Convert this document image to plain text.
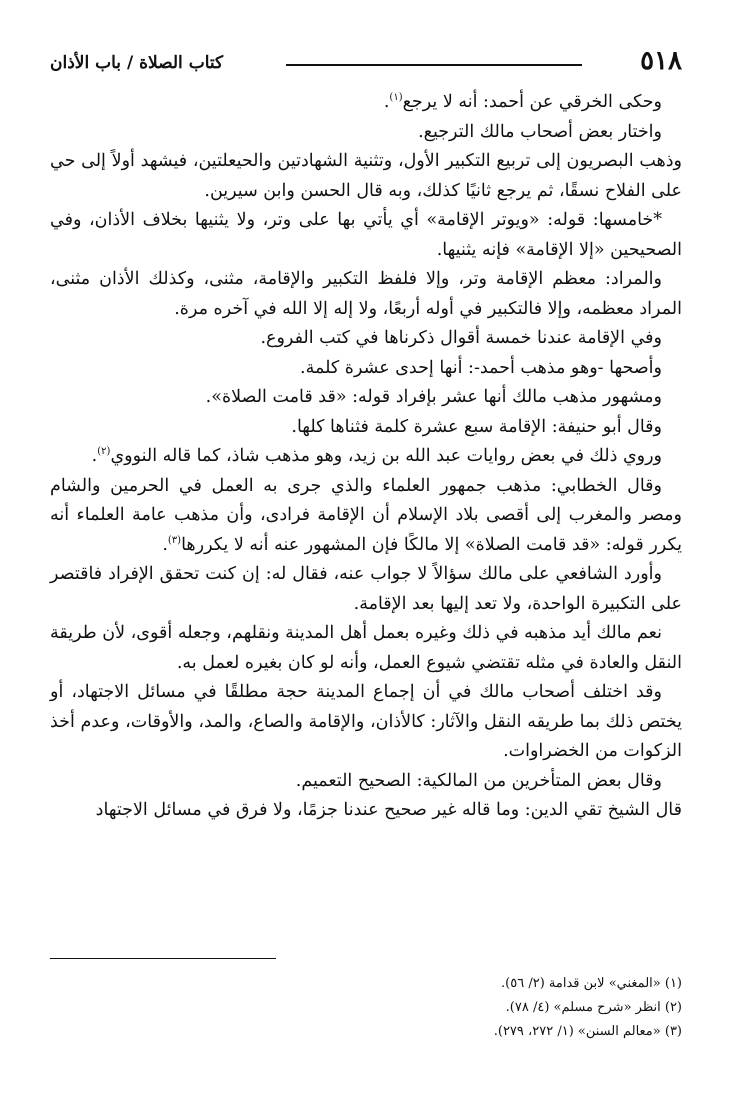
٥١٨
كتاب الصلاة / باب الأذان

وحكى الخرقي عن أحمد: أنه لا يرجع$^{(١)}$.

واختار بعض أصحاب مالك الترجيع.

وذهب البصريون إلى تربيع التكبير الأول، وتثنية الشهادتين والحيعلتين، فيشهد أولاً إلى حي على الفلاح نسقًا، ثم يرجع ثانيًا كذلك، وبه قال الحسن وابن سيرين.

*خامسها: قوله: «ويوتر الإقامة» أي يأتي بها على وتر، ولا يثنيها بخلاف الأذان، وفي الصحيحين «إلا الإقامة» فإنه يثنيها.

والمراد: معظم الإقامة وتر، وإلا فلفظ التكبير والإقامة، مثنى، وكذلك الأذان مثنى، المراد معظمه، وإلا فالتكبير في أوله أربعًا، ولا إله إلا الله في آخره مرة.

وفي الإقامة عندنا خمسة أقوال ذكرناها في كتب الفروع.

وأصحها -وهو مذهب أحمد-: أنها إحدى عشرة كلمة.

ومشهور مذهب مالك أنها عشر بإفراد قوله: «قد قامت الصلاة».

وقال أبو حنيفة: الإقامة سبع عشرة كلمة فثناها كلها.

وروي ذلك في بعض روايات عبد الله بن زيد، وهو مذهب شاذ، كما قاله النووي$^{(٢)}$.

وقال الخطابي: مذهب جمهور العلماء والذي جرى به العمل في الحرمين والشام ومصر والمغرب إلى أقصى بلاد الإسلام أن الإقامة فرادى، وأن مذهب عامة العلماء أنه يكرر قوله: «قد قامت الصلاة» إلا مالكًا فإن المشهور عنه أنه لا يكررها$^{(٣)}$.

وأورد الشافعي على مالك سؤالاً لا جواب عنه، فقال له: إن كنت تحقق الإفراد فاقتصر على التكبيرة الواحدة، ولا تعد إليها بعد الإقامة.

نعم مالك أيد مذهبه في ذلك وغيره بعمل أهل المدينة ونقلهم، وجعله أقوى، لأن طريقة النقل والعادة في مثله تقتضي شيوع العمل، وأنه لو كان بغيره لعمل به.

وقد اختلف أصحاب مالك في أن إجماع المدينة حجة مطلقًا في مسائل الاجتهاد، أو يختص ذلك بما طريقه النقل والآثار: كالأذان، والإقامة والصاع، والمد، والأوقات، وعدم أخذ الزكوات من الخضراوات.

وقال بعض المتأخرين من المالكية: الصحيح التعميم.

قال الشيخ تقي الدين: وما قاله غير صحيح عندنا جزمًا، ولا فرق في مسائل الاجتهاد

(١) «المغني» لابن قدامة (٢/ ٥٦).

(٢) انظر «شرح مسلم» (٤/ ٧٨).

(٣) «معالم السنن» (١/ ٢٧٢، ٢٧٩).
